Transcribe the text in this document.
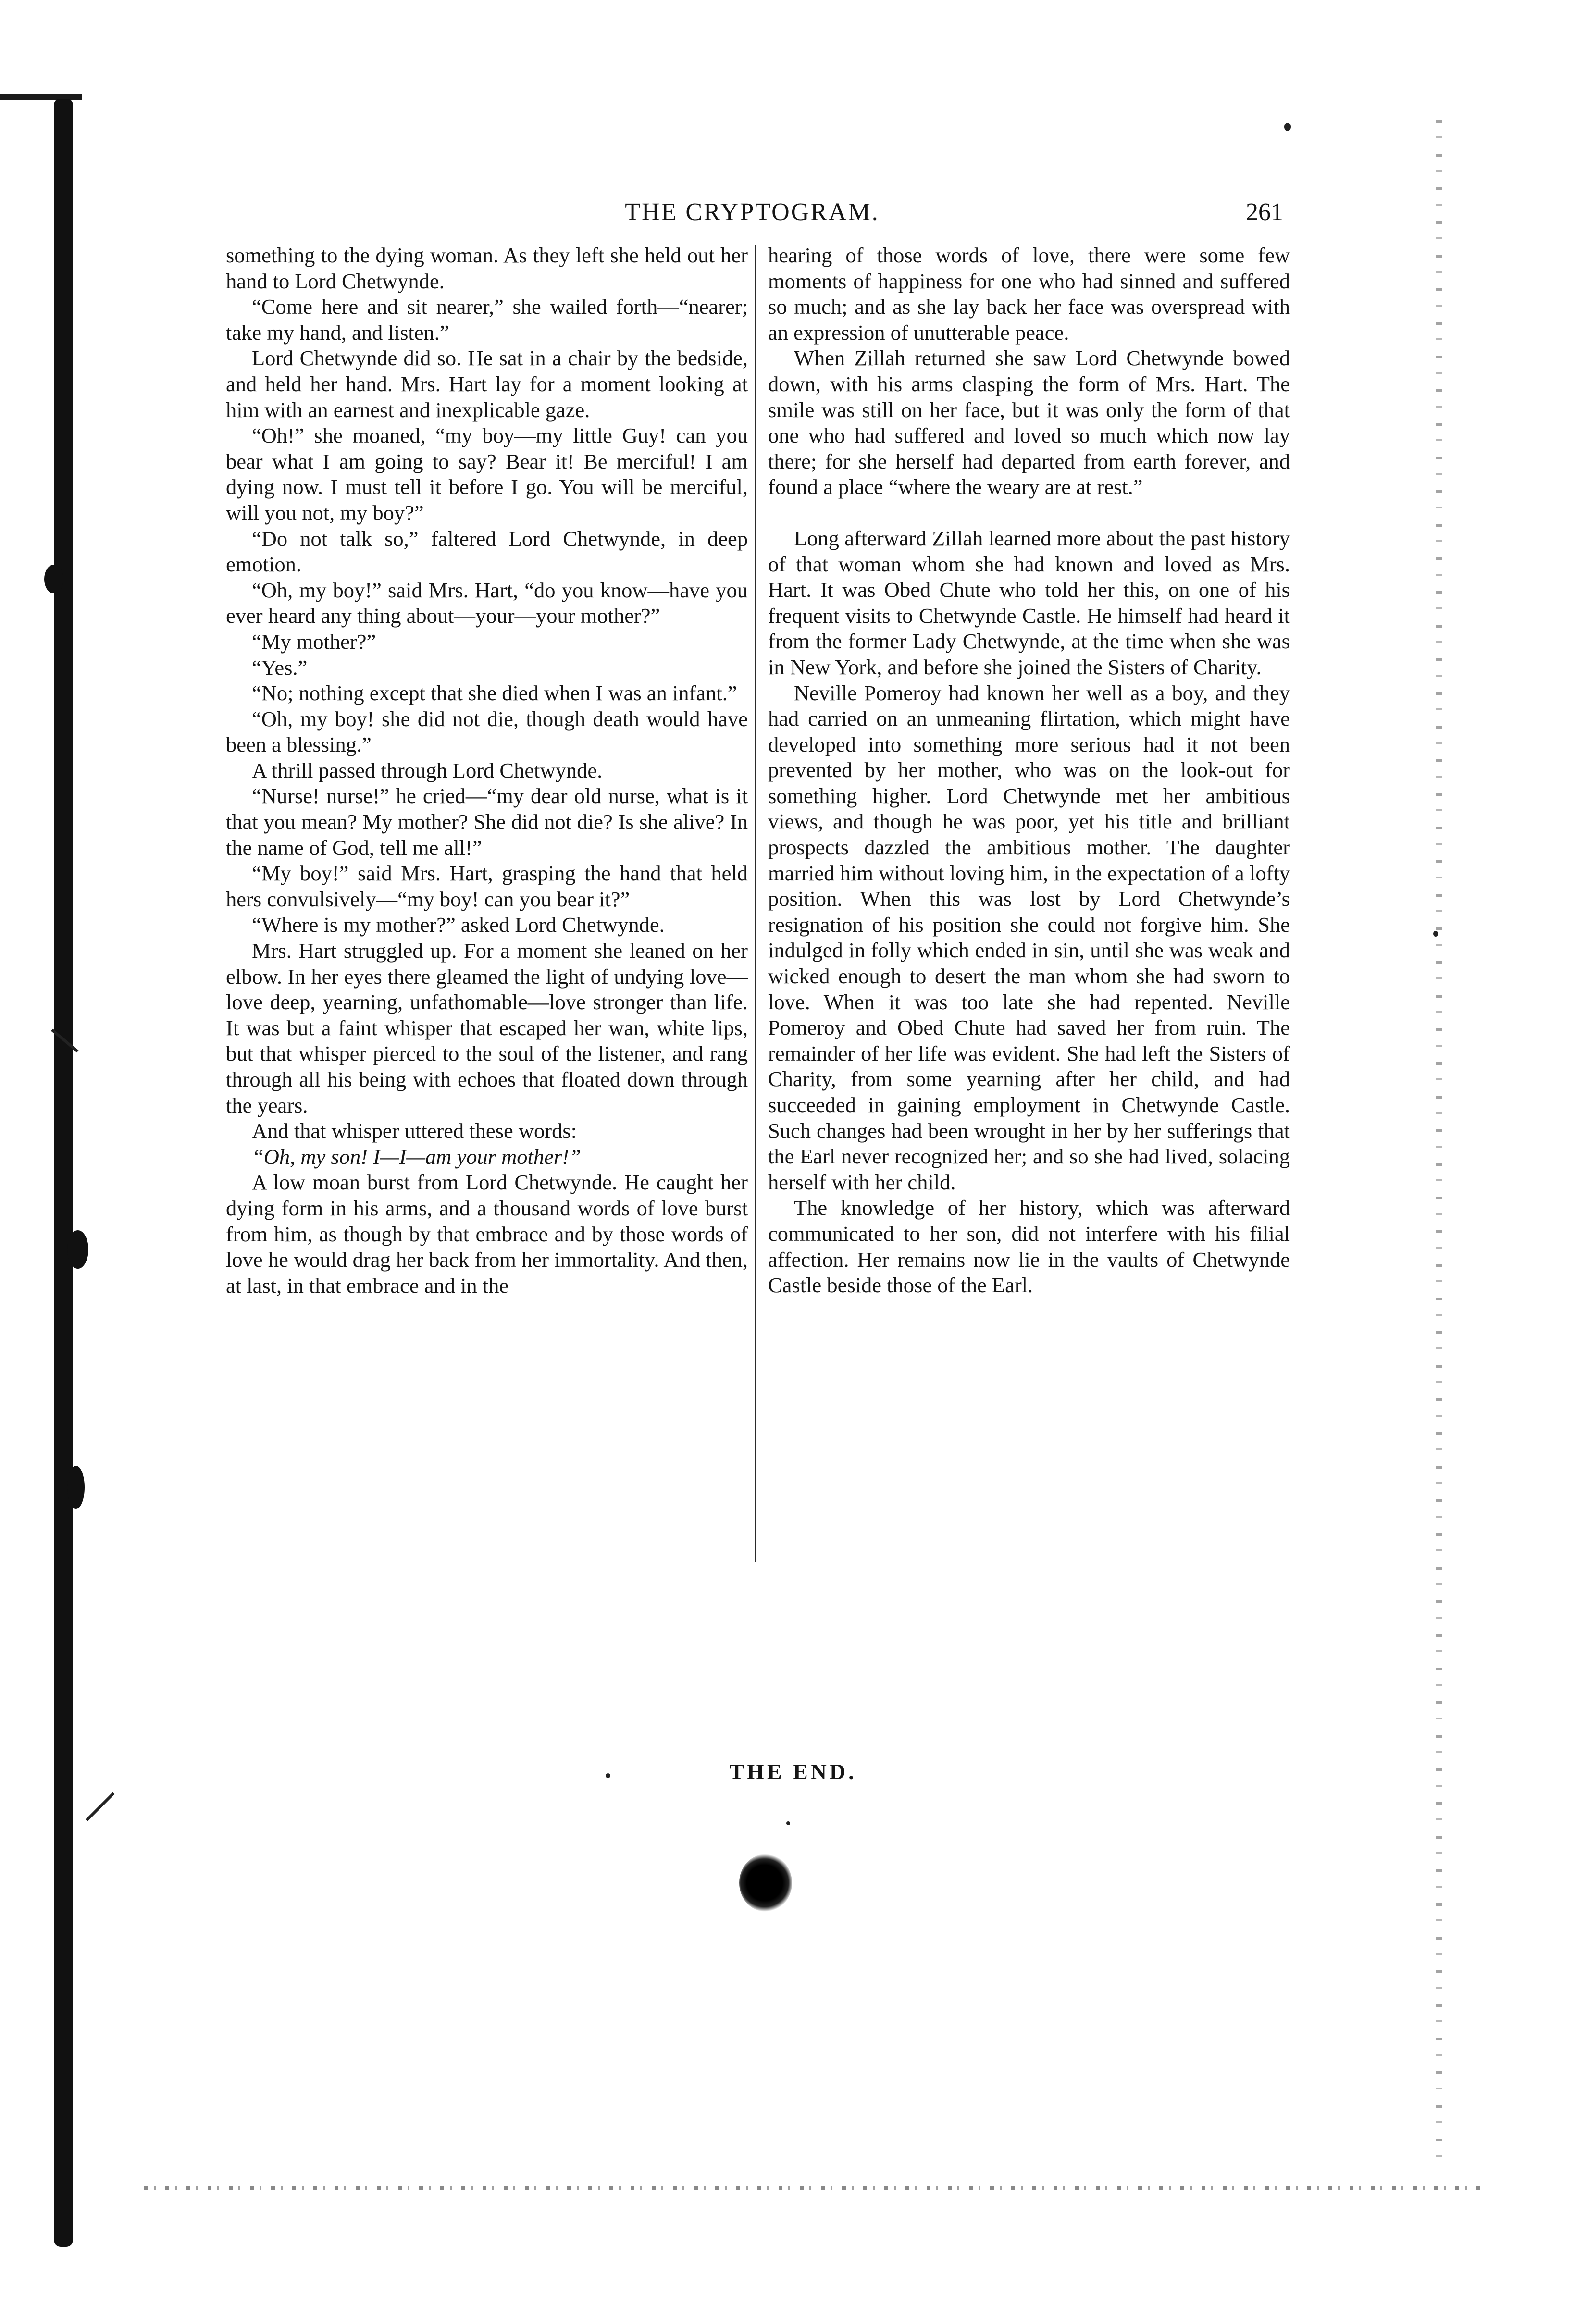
THE CRYPTOGRAM.	261

something to the dying woman. As they left she held out her hand to Lord Chetwynde.

“Come here and sit nearer,” she wailed forth—“nearer; take my hand, and listen.”

Lord Chetwynde did so. He sat in a chair by the bedside, and held her hand. Mrs. Hart lay for a moment looking at him with an earnest and inexplicable gaze.

“Oh!” she moaned, “my boy—my little Guy! can you bear what I am going to say? Bear it! Be merciful! I am dying now. I must tell it before I go. You will be merciful, will you not, my boy?”

“Do not talk so,” faltered Lord Chetwynde, in deep emotion.

“Oh, my boy!” said Mrs. Hart, “do you know—have you ever heard any thing about—your—your mother?”

“My mother?”

“Yes.”

“No; nothing except that she died when I was an infant.”

“Oh, my boy! she did not die, though death would have been a blessing.”

A thrill passed through Lord Chetwynde.

“Nurse! nurse!” he cried—“my dear old nurse, what is it that you mean? My mother? She did not die? Is she alive? In the name of God, tell me all!”

“My boy!” said Mrs. Hart, grasping the hand that held hers convulsively—“my boy! can you bear it?”

“Where is my mother?” asked Lord Chetwynde.

Mrs. Hart struggled up. For a moment she leaned on her elbow. In her eyes there gleamed the light of undying love—love deep, yearning, unfathomable—love stronger than life. It was but a faint whisper that escaped her wan, white lips, but that whisper pierced to the soul of the listener, and rang through all his being with echoes that floated down through the years.

And that whisper uttered these words:

“Oh, my son! I—I—am your mother!”

A low moan burst from Lord Chetwynde. He caught her dying form in his arms, and a thousand words of love burst from him, as though by that embrace and by those words of love he would drag her back from her immortality. And then, at last, in that embrace and in the

hearing of those words of love, there were some few moments of happiness for one who had sinned and suffered so much; and as she lay back her face was overspread with an expression of unutterable peace.

When Zillah returned she saw Lord Chetwynde bowed down, with his arms clasping the form of Mrs. Hart. The smile was still on her face, but it was only the form of that one who had suffered and loved so much which now lay there; for she herself had departed from earth forever, and found a place “where the weary are at rest.”

Long afterward Zillah learned more about the past history of that woman whom she had known and loved as Mrs. Hart. It was Obed Chute who told her this, on one of his frequent visits to Chetwynde Castle. He himself had heard it from the former Lady Chetwynde, at the time when she was in New York, and before she joined the Sisters of Charity.

Neville Pomeroy had known her well as a boy, and they had carried on an unmeaning flirtation, which might have developed into something more serious had it not been prevented by her mother, who was on the look-out for something higher. Lord Chetwynde met her ambitious views, and though he was poor, yet his title and brilliant prospects dazzled the ambitious mother. The daughter married him without loving him, in the expectation of a lofty position. When this was lost by Lord Chetwynde’s resignation of his position she could not forgive him. She indulged in folly which ended in sin, until she was weak and wicked enough to desert the man whom she had sworn to love. When it was too late she had repented. Neville Pomeroy and Obed Chute had saved her from ruin. The remainder of her life was evident. She had left the Sisters of Charity, from some yearning after her child, and had succeeded in gaining employment in Chetwynde Castle. Such changes had been wrought in her by her sufferings that the Earl never recognized her; and so she had lived, solacing herself with her child.

The knowledge of her history, which was afterward communicated to her son, did not interfere with his filial affection. Her remains now lie in the vaults of Chetwynde Castle beside those of the Earl.

THE END.
